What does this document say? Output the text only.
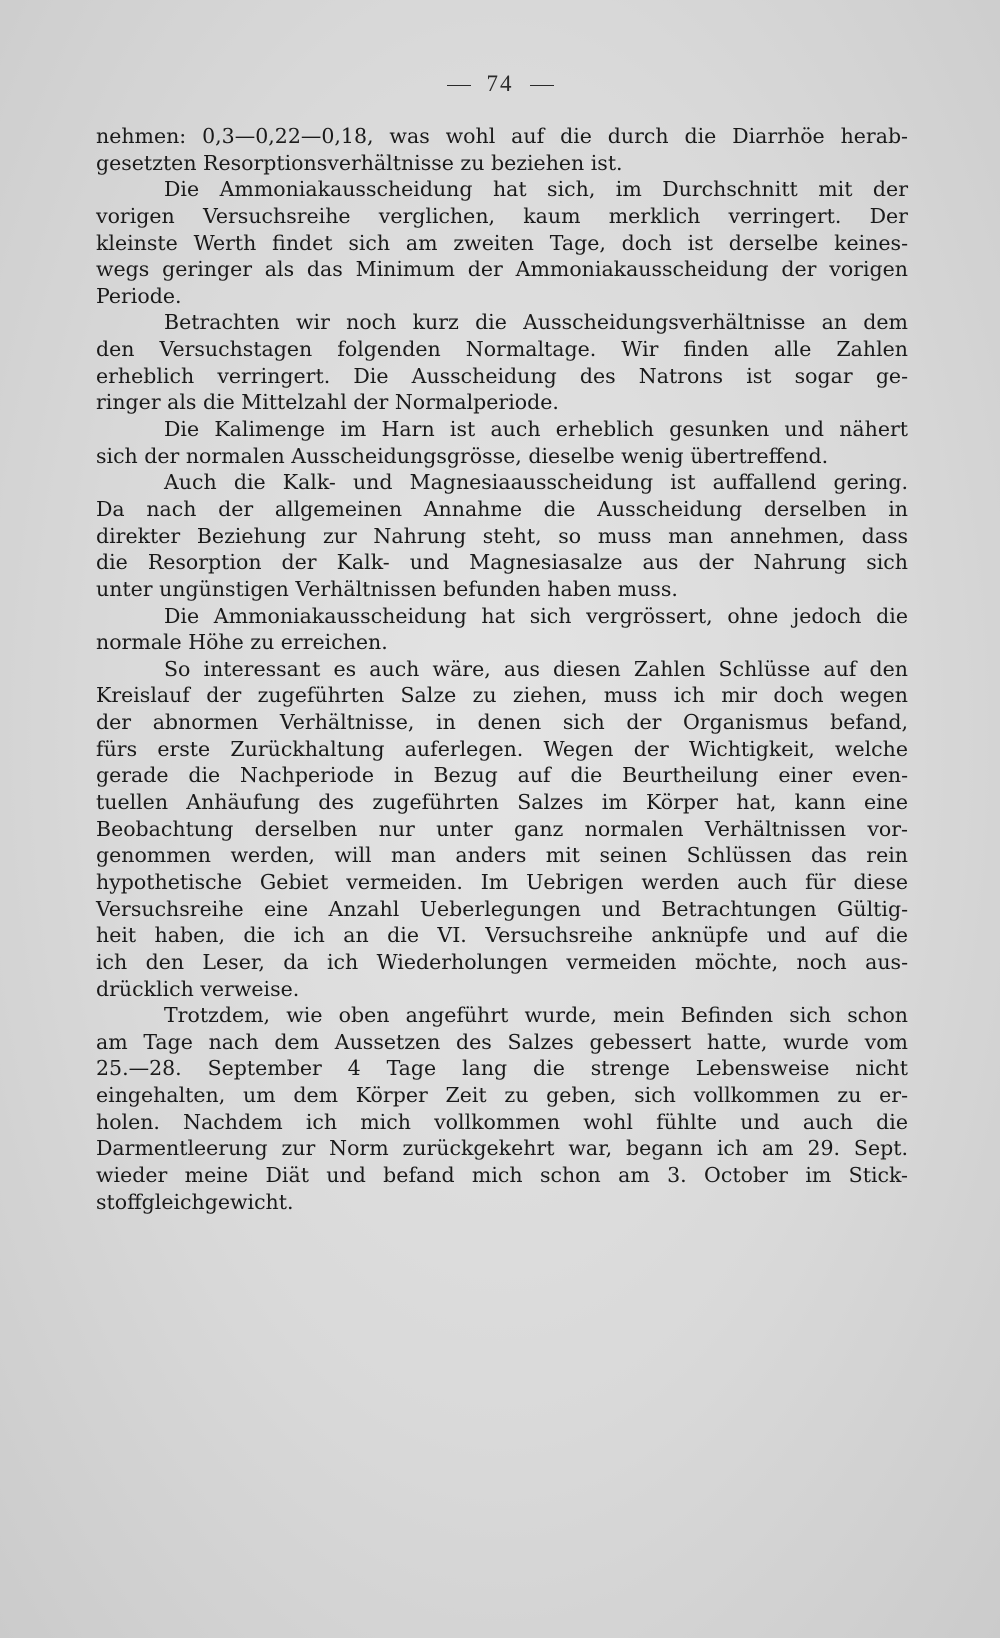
74
nehmen: 0,3—0,22—0,18, was wohl auf die durch die Diarrhöe herab-
gesetzten Resorptionsverhältnisse zu beziehen ist.
Die Ammoniakausscheidung hat sich, im Durchschnitt mit der
vorigen Versuchsreihe verglichen, kaum merklich verringert. Der
kleinste Werth findet sich am zweiten Tage, doch ist derselbe keines-
wegs geringer als das Minimum der Ammoniakausscheidung der vorigen
Periode.
Betrachten wir noch kurz die Ausscheidungsverhältnisse an dem
den Versuchstagen folgenden Normaltage. Wir finden alle Zahlen
erheblich verringert. Die Ausscheidung des Natrons ist sogar ge-
ringer als die Mittelzahl der Normalperiode.
Die Kalimenge im Harn ist auch erheblich gesunken und nähert
sich der normalen Ausscheidungsgrösse, dieselbe wenig übertreffend.
Auch die Kalk- und Magnesiaausscheidung ist auffallend gering.
Da nach der allgemeinen Annahme die Ausscheidung derselben in
direkter Beziehung zur Nahrung steht, so muss man annehmen, dass
die Resorption der Kalk- und Magnesiasalze aus der Nahrung sich
unter ungünstigen Verhältnissen befunden haben muss.
Die Ammoniakausscheidung hat sich vergrössert, ohne jedoch die
normale Höhe zu erreichen.
So interessant es auch wäre, aus diesen Zahlen Schlüsse auf den
Kreislauf der zugeführten Salze zu ziehen, muss ich mir doch wegen
der abnormen Verhältnisse, in denen sich der Organismus befand,
fürs erste Zurückhaltung auferlegen. Wegen der Wichtigkeit, welche
gerade die Nachperiode in Bezug auf die Beurtheilung einer even-
tuellen Anhäufung des zugeführten Salzes im Körper hat, kann eine
Beobachtung derselben nur unter ganz normalen Verhältnissen vor-
genommen werden, will man anders mit seinen Schlüssen das rein
hypothetische Gebiet vermeiden. Im Uebrigen werden auch für diese
Versuchsreihe eine Anzahl Ueberlegungen und Betrachtungen Gültig-
heit haben, die ich an die VI. Versuchsreihe anknüpfe und auf die
ich den Leser, da ich Wiederholungen vermeiden möchte, noch aus-
drücklich verweise.
Trotzdem, wie oben angeführt wurde, mein Befinden sich schon
am Tage nach dem Aussetzen des Salzes gebessert hatte, wurde vom
25.—28. September 4 Tage lang die strenge Lebensweise nicht
eingehalten, um dem Körper Zeit zu geben, sich vollkommen zu er-
holen. Nachdem ich mich vollkommen wohl fühlte und auch die
Darmentleerung zur Norm zurückgekehrt war, begann ich am 29. Sept.
wieder meine Diät und befand mich schon am 3. October im Stick-
stoffgleichgewicht.
